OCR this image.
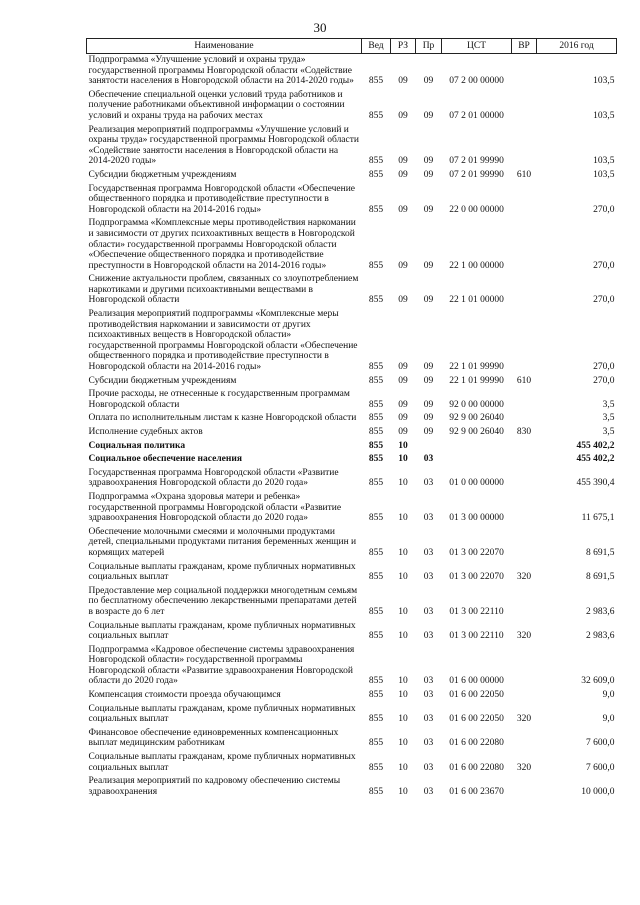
30
Наименование	Вед	РЗ	Пр	ЦСТ	ВР	2016 год
Подпрограмма «Улучшение условий и охраны труда» государственной программы Новгородской области «Содействие занятости населения в Новгородской области на 2014-2020 годы»	855	09	09	07 2 00 00000		103,5
Обеспечение специальной оценки условий труда работников и получение работниками объективной информации о состоянии условий и охраны труда на рабочих местах	855	09	09	07 2 01 00000		103,5
Реализация мероприятий подпрограммы «Улучшение условий и охраны труда» государственной программы Новгородской области «Содействие занятости населения в Новгородской области на 2014-2020 годы»	855	09	09	07 2 01 99990		103,5
Субсидии бюджетным учреждениям	855	09	09	07 2 01 99990	610	103,5
Государственная программа Новгородской области «Обеспечение общественного порядка и противодействие преступности в Новгородской области на 2014-2016 годы»	855	09	09	22 0 00 00000		270,0
Подпрограмма «Комплексные меры противодействия наркомании и зависимости от других психоактивных веществ в Новгородской области» государственной программы Новгородской области «Обеспечение общественного порядка и противодействие преступности в Новгородской области на 2014-2016 годы»	855	09	09	22 1 00 00000		270,0
Снижение актуальности проблем, связанных со злоупотреблением наркотиками и другими психоактивными веществами в Новгородской области	855	09	09	22 1 01 00000		270,0
Реализация мероприятий подпрограммы «Комплексные меры противодействия наркомании и зависимости от других психоактивных веществ в Новгородской области» государственной программы Новгородской области «Обеспечение общественного порядка и противодействие преступности в Новгородской области на 2014-2016 годы»	855	09	09	22 1 01 99990		270,0
Субсидии бюджетным учреждениям	855	09	09	22 1 01 99990	610	270,0
Прочие расходы, не отнесенные к государственным программам Новгородской области	855	09	09	92 0 00 00000		3,5
Оплата по исполнительным листам к казне Новгородской области	855	09	09	92 9 00 26040		3,5
Исполнение судебных актов	855	09	09	92 9 00 26040	830	3,5
Социальная политика	855	10				455 402,2
Социальное обеспечение населения	855	10	03			455 402,2
Государственная программа Новгородской области «Развитие здравоохранения Новгородской области до 2020 года»	855	10	03	01 0 00 00000		455 390,4
Подпрограмма «Охрана здоровья матери и ребенка» государственной программы Новгородской области «Развитие здравоохранения Новгородской области до 2020 года»	855	10	03	01 3 00 00000		11 675,1
Обеспечение молочными смесями и молочными продуктами детей, специальными продуктами питания беременных женщин и кормящих матерей	855	10	03	01 3 00 22070		8 691,5
Социальные выплаты гражданам, кроме публичных нормативных социальных выплат	855	10	03	01 3 00 22070	320	8 691,5
Предоставление мер социальной поддержки многодетным семьям по бесплатному обеспечению лекарственными препаратами детей в возрасте до 6 лет	855	10	03	01 3 00 22110		2 983,6
Социальные выплаты гражданам, кроме публичных нормативных социальных выплат	855	10	03	01 3 00 22110	320	2 983,6
Подпрограмма «Кадровое обеспечение системы здравоохранения Новгородской области» государственной программы Новгородской области «Развитие здравоохранения Новгородской области до 2020 года»	855	10	03	01 6 00 00000		32 609,0
Компенсация стоимости проезда обучающимся	855	10	03	01 6 00 22050		9,0
Социальные выплаты гражданам, кроме публичных нормативных социальных выплат	855	10	03	01 6 00 22050	320	9,0
Финансовое обеспечение единовременных компенсационных выплат медицинским работникам	855	10	03	01 6 00 22080		7 600,0
Социальные выплаты гражданам, кроме публичных нормативных социальных выплат	855	10	03	01 6 00 22080	320	7 600,0
Реализация мероприятий по кадровому обеспечению системы здравоохранения	855	10	03	01 6 00 23670		10 000,0
